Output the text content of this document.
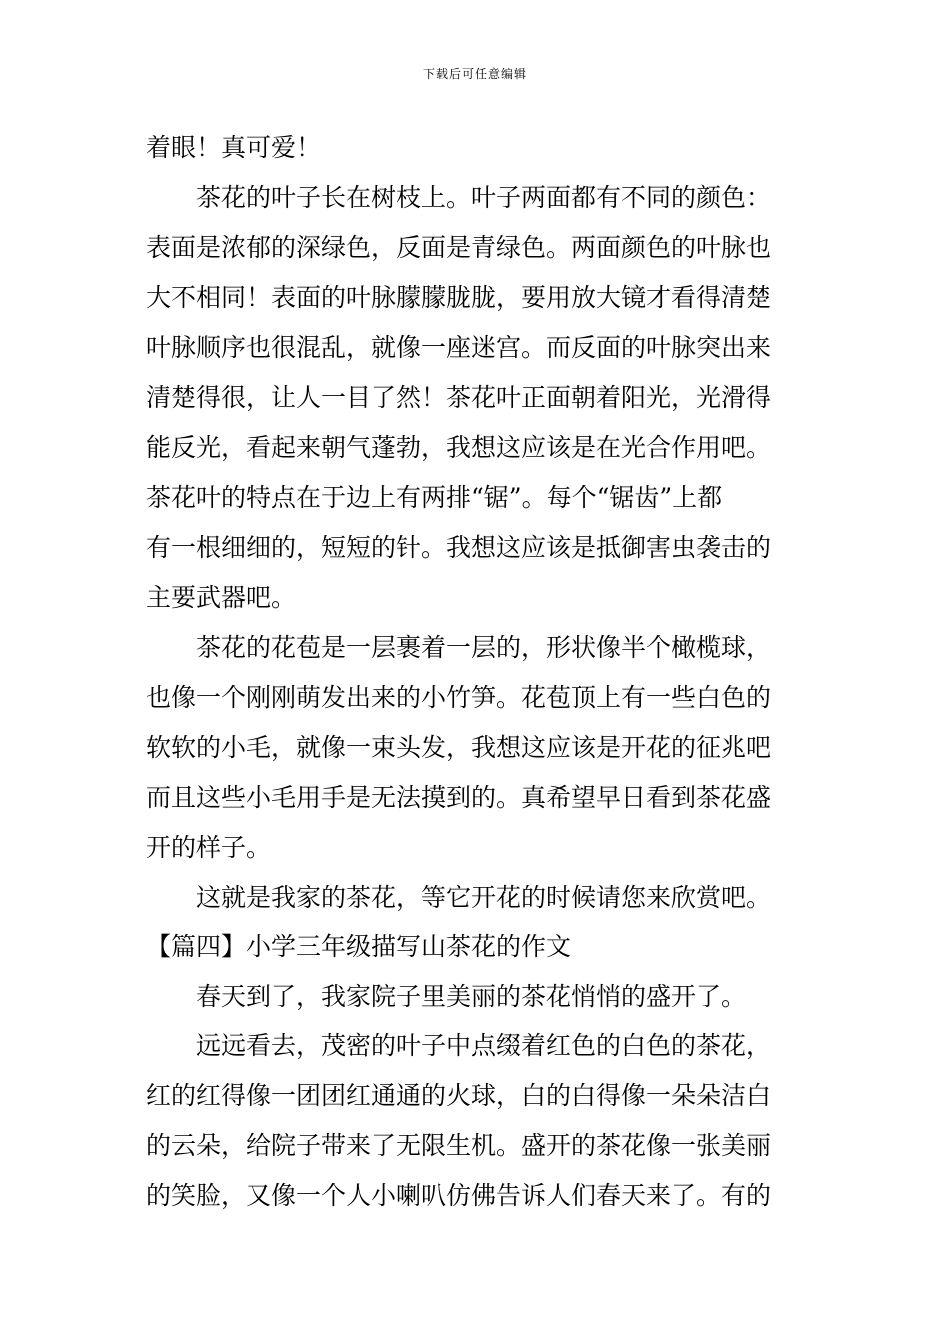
下载后可任意编辑
着眼！真可爱！
茶花的叶子长在树枝上。叶子两面都有不同的颜色：
表面是浓郁的深绿色，反面是青绿色。两面颜色的叶脉也
大不相同！表面的叶脉朦朦胧胧，要用放大镜才看得清楚
叶脉顺序也很混乱，就像一座迷宫。而反面的叶脉突出来
清楚得很，让人一目了然！茶花叶正面朝着阳光，光滑得
能反光，看起来朝气蓬勃，我想这应该是在光合作用吧。
茶花叶的特点在于边上有两排“锯”。每个“锯齿”上都
有一根细细的，短短的针。我想这应该是抵御害虫袭击的
主要武器吧。
茶花的花苞是一层裹着一层的，形状像半个橄榄球，
也像一个刚刚萌发出来的小竹笋。花苞顶上有一些白色的
软软的小毛，就像一束头发，我想这应该是开花的征兆吧
而且这些小毛用手是无法摸到的。真希望早日看到茶花盛
开的样子。
这就是我家的茶花，等它开花的时候请您来欣赏吧。
【篇四】小学三年级描写山茶花的作文
春天到了，我家院子里美丽的茶花悄悄的盛开了。
远远看去，茂密的叶子中点缀着红色的白色的茶花，
红的红得像一团团红通通的火球，白的白得像一朵朵洁白
的云朵，给院子带来了无限生机。盛开的茶花像一张美丽
的笑脸，又像一个人小喇叭仿佛告诉人们春天来了。有的
